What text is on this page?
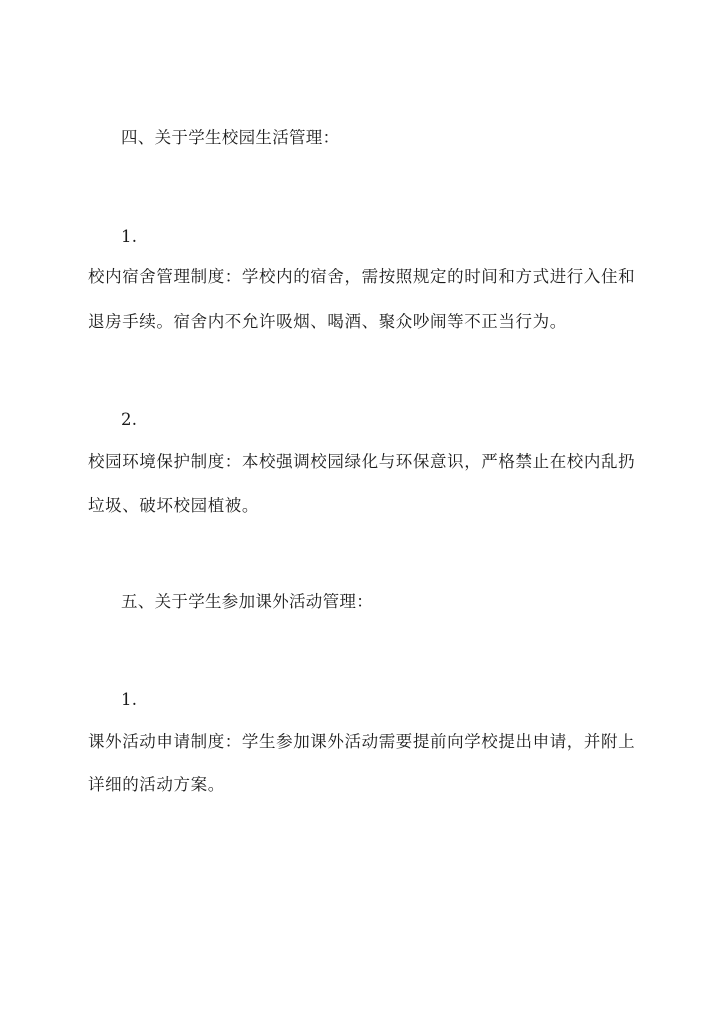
四、关于学生校园生活管理：
1.
校内宿舍管理制度：学校内的宿舍，需按照规定的时间和方式进行入住和
退房手续。宿舍内不允许吸烟、喝酒、聚众吵闹等不正当行为。
2.
校园环境保护制度：本校强调校园绿化与环保意识，严格禁止在校内乱扔
垃圾、破坏校园植被。
五、关于学生参加课外活动管理：
1.
课外活动申请制度：学生参加课外活动需要提前向学校提出申请，并附上
详细的活动方案。
